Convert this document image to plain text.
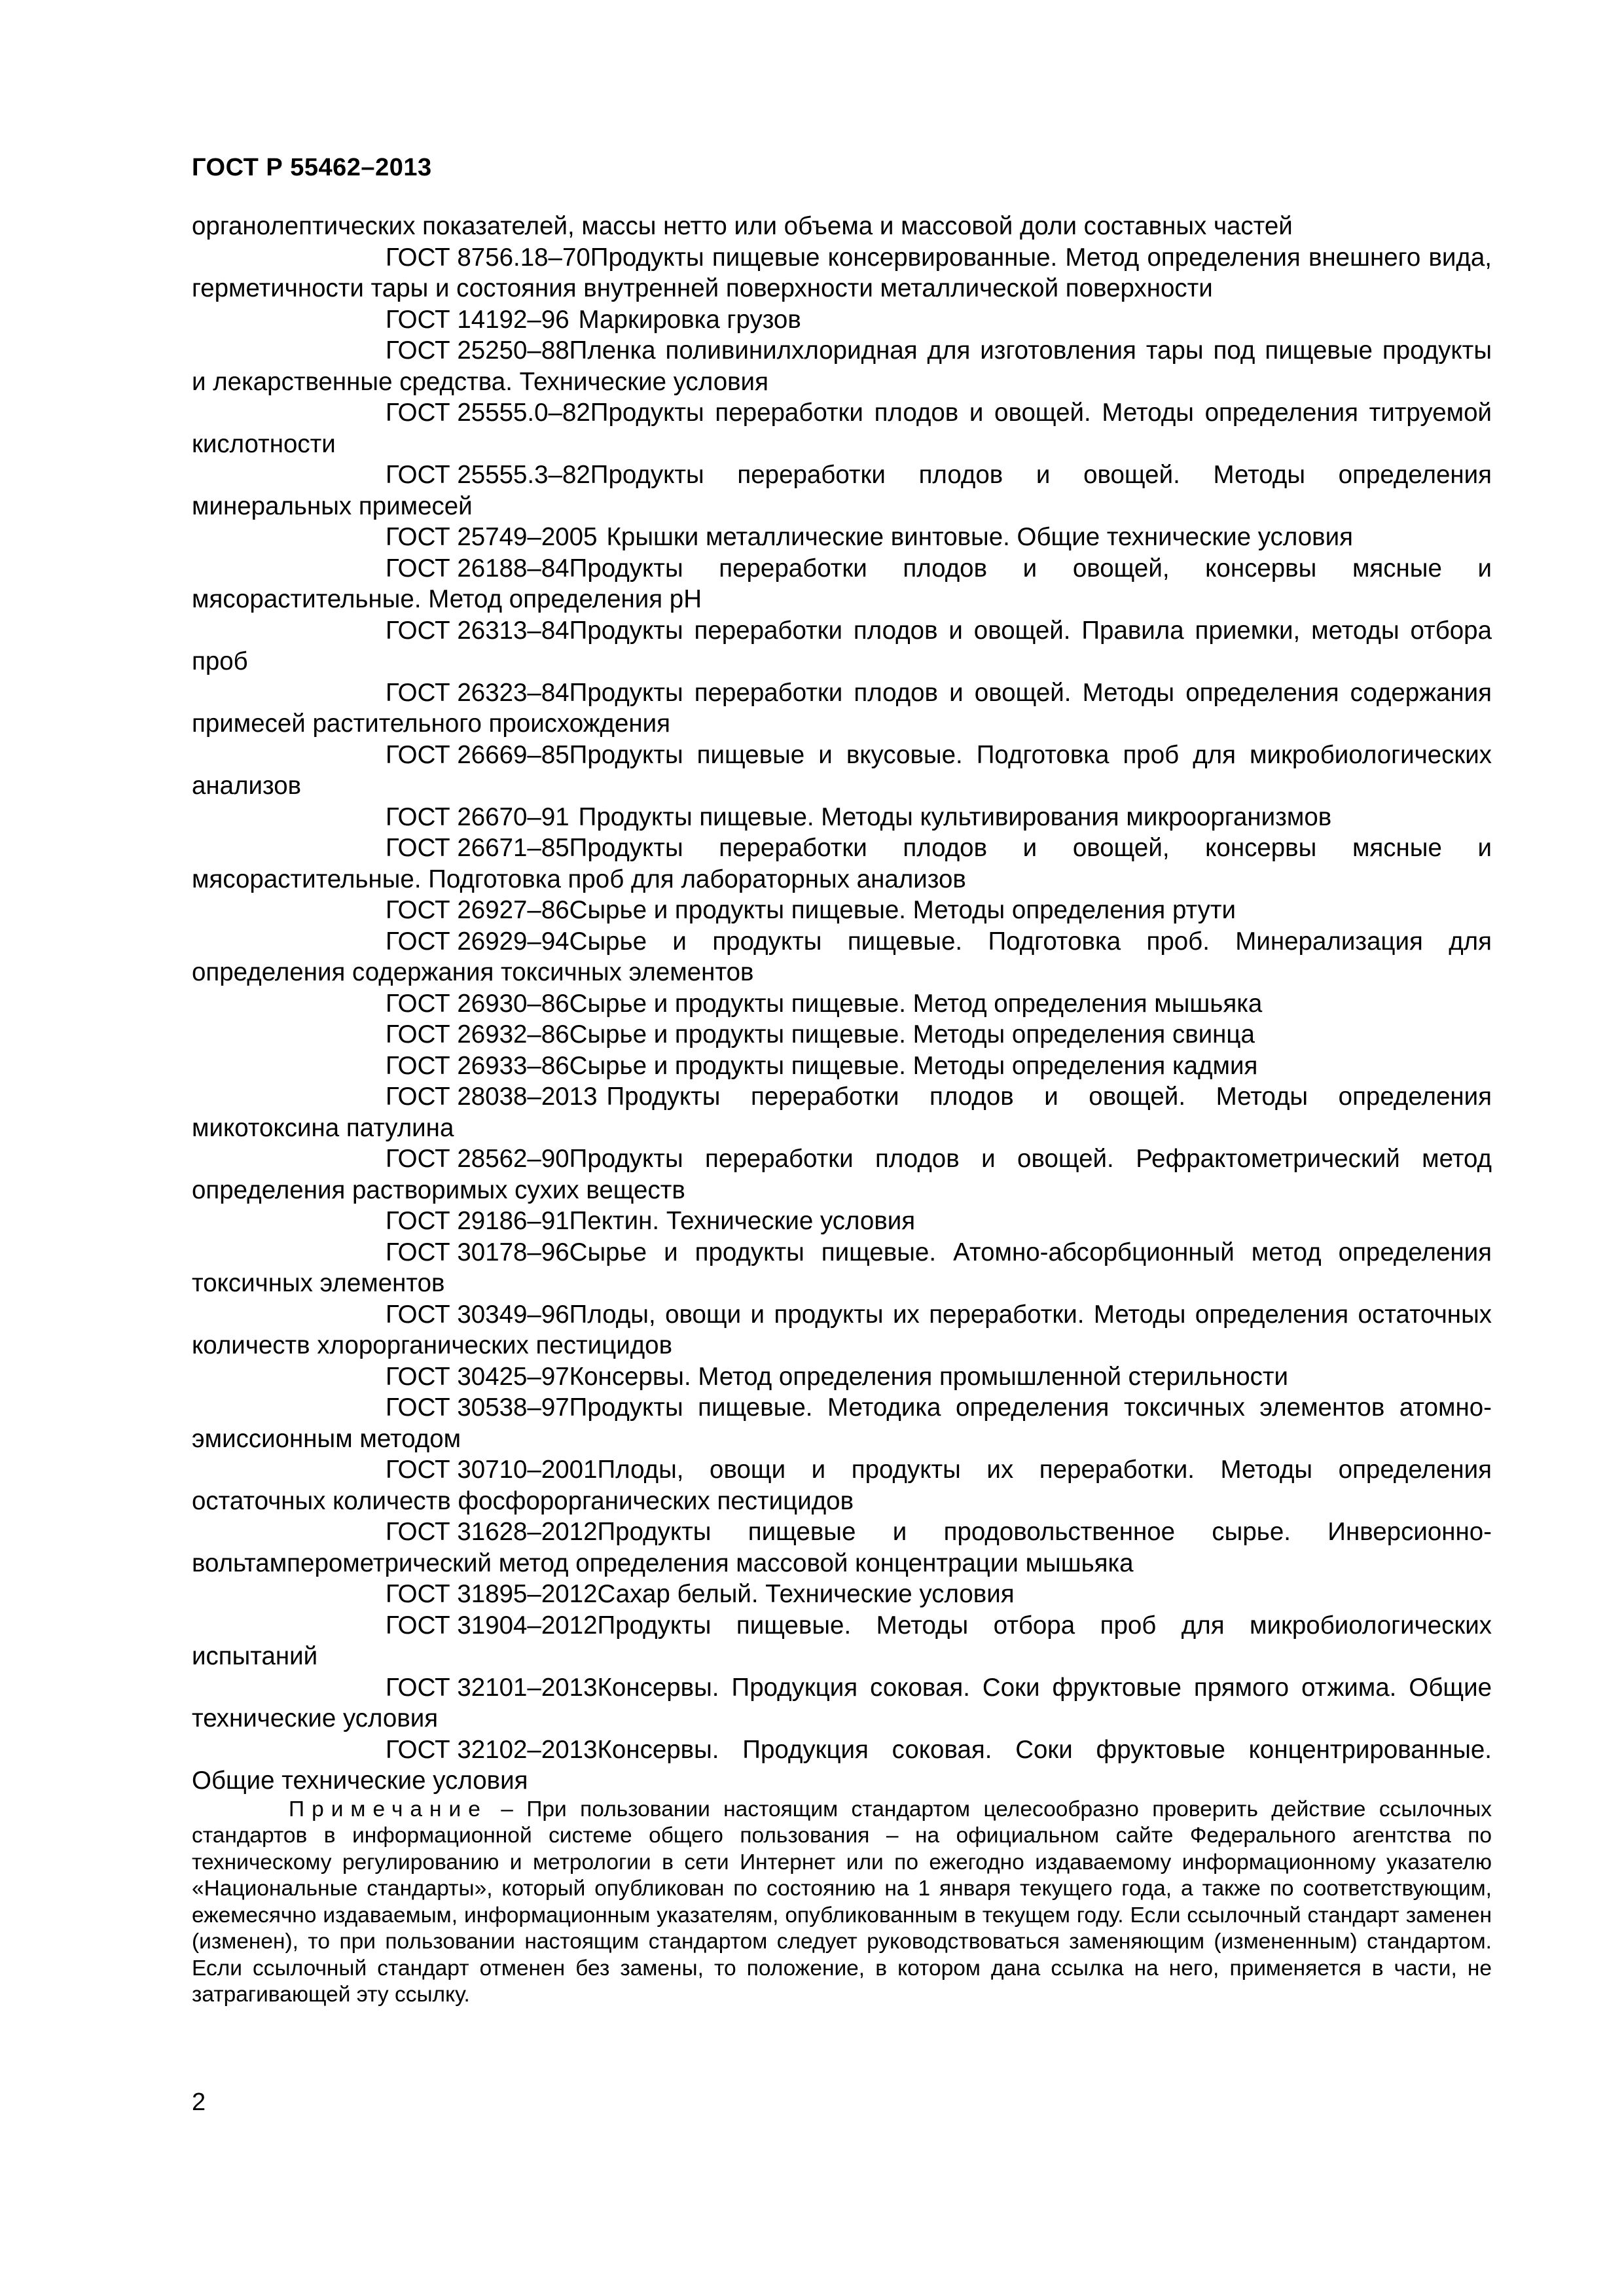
ГОСТ Р 55462–2013

органолептических показателей, массы нетто или объема и массовой доли составных частей

ГОСТ 8756.18–70Продукты пищевые консервированные. Метод определения внешнего вида, герметичности тары и состояния внутренней поверхности металлической поверхности

ГОСТ 14192–96 Маркировка грузов

ГОСТ 25250–88Пленка поливинилхлоридная для изготовления тары под пищевые продукты и лекарственные средства. Технические условия

ГОСТ 25555.0–82Продукты переработки плодов и овощей. Методы определения титруемой кислотности

ГОСТ 25555.3–82Продукты переработки плодов и овощей. Методы определения минеральных примесей

ГОСТ 25749–2005 Крышки металлические винтовые. Общие технические условия

ГОСТ 26188–84Продукты переработки плодов и овощей, консервы мясные и мясорастительные. Метод определения рН

ГОСТ 26313–84Продукты переработки плодов и овощей. Правила приемки, методы отбора проб

ГОСТ 26323–84Продукты переработки плодов и овощей. Методы определения содержания примесей растительного происхождения

ГОСТ 26669–85Продукты пищевые и вкусовые. Подготовка проб для микробиологических анализов

ГОСТ 26670–91 Продукты пищевые. Методы культивирования микроорганизмов

ГОСТ 26671–85Продукты переработки плодов и овощей, консервы мясные и мясорастительные. Подготовка проб для лабораторных анализов

ГОСТ 26927–86Сырье и продукты пищевые. Методы определения ртути

ГОСТ 26929–94Сырье и продукты пищевые. Подготовка проб. Минерализация для определения содержания токсичных элементов

ГОСТ 26930–86Сырье и продукты пищевые. Метод определения мышьяка

ГОСТ 26932–86Сырье и продукты пищевые. Методы определения свинца

ГОСТ 26933–86Сырье и продукты пищевые. Методы определения кадмия

ГОСТ 28038–2013 Продукты переработки плодов и овощей. Методы определения микотоксина патулина

ГОСТ 28562–90Продукты переработки плодов и овощей. Рефрактометрический метод определения растворимых сухих веществ

ГОСТ 29186–91Пектин. Технические условия

ГОСТ 30178–96Сырье и продукты пищевые. Атомно-абсорбционный метод определения токсичных элементов

ГОСТ 30349–96Плоды, овощи и продукты их переработки. Методы определения остаточных количеств хлорорганических пестицидов

ГОСТ 30425–97Консервы. Метод определения промышленной стерильности

ГОСТ 30538–97Продукты пищевые. Методика определения токсичных элементов атомно-эмиссионным методом

ГОСТ 30710–2001Плоды, овощи и продукты их переработки. Методы определения остаточных количеств фосфорорганических пестицидов

ГОСТ 31628–2012Продукты пищевые и продовольственное сырье. Инверсионно-вольтамперометрический метод определения массовой концентрации мышьяка

ГОСТ 31895–2012Сахар белый. Технические условия

ГОСТ 31904–2012Продукты пищевые. Методы отбора проб для микробиологических испытаний

ГОСТ 32101–2013Консервы. Продукция соковая. Соки фруктовые прямого отжима. Общие технические условия

ГОСТ 32102–2013Консервы. Продукция соковая. Соки фруктовые концентрированные. Общие технические условия

Примечание – При пользовании настоящим стандартом целесообразно проверить действие ссылочных стандартов в информационной системе общего пользования – на официальном сайте Федерального агентства по техническому регулированию и метрологии в сети Интернет или по ежегодно издаваемому информационному указателю «Национальные стандарты», который опубликован по состоянию на 1 января текущего года, а также по соответствующим, ежемесячно издаваемым, информационным указателям, опубликованным в текущем году. Если ссылочный стандарт заменен (изменен), то при пользовании настоящим стандартом следует руководствоваться заменяющим (измененным) стандартом. Если ссылочный стандарт отменен без замены, то положение, в котором дана ссылка на него, применяется в части, не затрагивающей эту ссылку.

2
